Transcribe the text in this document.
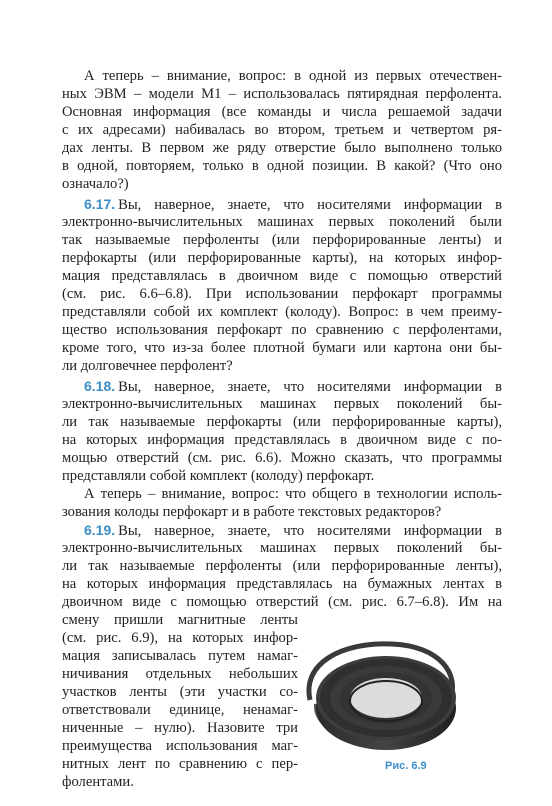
А теперь – внимание, вопрос: в одной из первых отечествен-
ных ЭВМ – модели М1 – использовалась пятирядная перфолента.
Основная информация (все команды и числа решаемой задачи
с их адресами) набивалась во втором, третьем и четвертом ря-
дах ленты. В первом же ряду отверстие было выполнено только
в одной, повторяем, только в одной позиции. В какой? (Что оно
означало?)
6.17. Вы, наверное, знаете, что носителями информации в
электронно-вычислительных машинах первых поколений были
так называемые перфоленты (или перфорированные ленты) и
перфокарты (или перфорированные карты), на которых инфор-
мация представлялась в двоичном виде с помощью отверстий
(см. рис. 6.6–6.8). При использовании перфокарт программы
представляли собой их комплект (колоду). Вопрос: в чем преиму-
щество использования перфокарт по сравнению с перфолентами,
кроме того, что из-за более плотной бумаги или картона они бы-
ли долговечнее перфолент?
6.18. Вы, наверное, знаете, что носителями информации в
электронно-вычислительных машинах первых поколений бы-
ли так называемые перфокарты (или перфорированные карты),
на которых информация представлялась в двоичном виде с по-
мощью отверстий (см. рис. 6.6). Можно сказать, что программы
представляли собой комплект (колоду) перфокарт.
А теперь – внимание, вопрос: что общего в технологии исполь-
зования колоды перфокарт и в работе текстовых редакторов?
6.19. Вы, наверное, знаете, что носителями информации в
электронно-вычислительных машинах первых поколений бы-
ли так называемые перфоленты (или перфорированные ленты),
на которых информация представлялась на бумажных лентах в
двоичном виде с помощью отверстий (см. рис. 6.7–6.8). Им на
смену пришли магнитные ленты
(см. рис. 6.9), на которых инфор-
мация записывалась путем намаг-
ничивания отдельных небольших
участков ленты (эти участки со-
ответствовали единице, ненамаг-
ниченные – нулю). Назовите три
преимущества использования маг-
нитных лент по сравнению с пер-
фолентами.
Рис. 6.9
